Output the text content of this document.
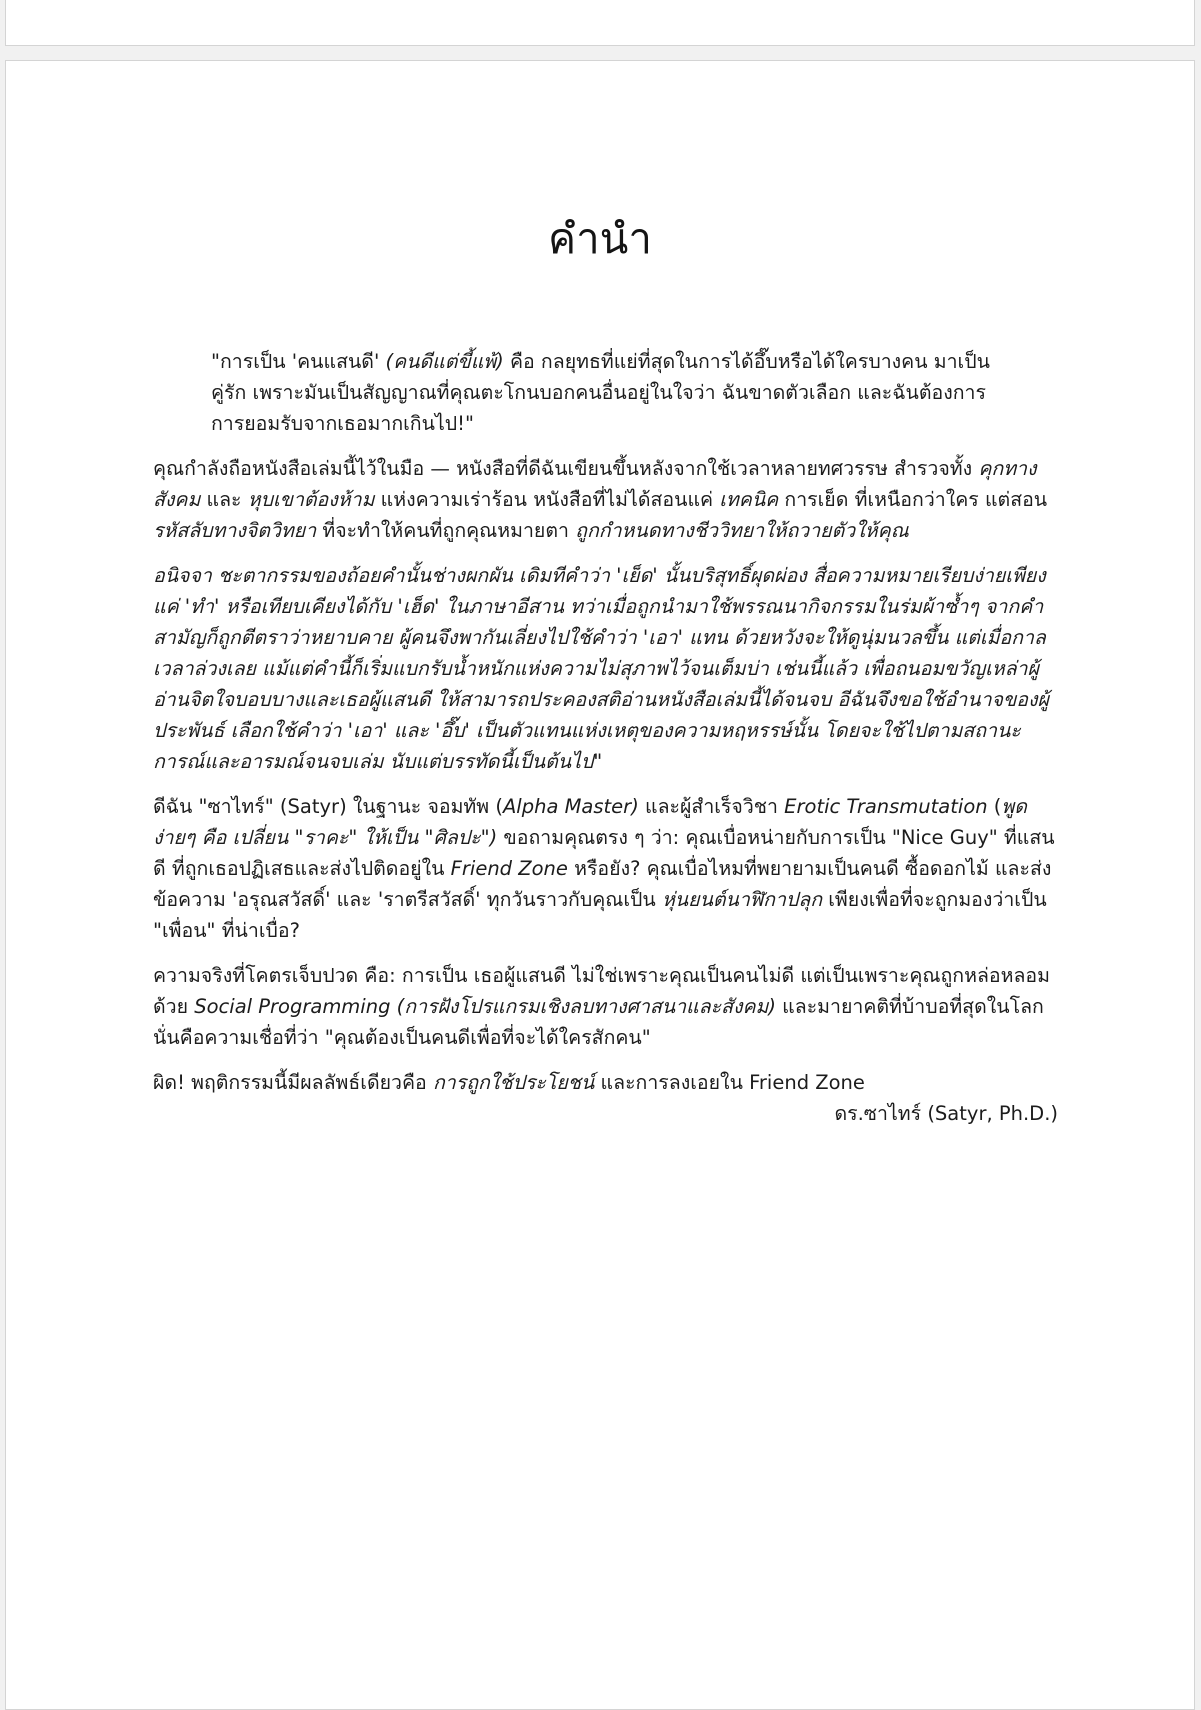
คำนำ

"การเป็น 'คนแสนดี' (คนดีแต่ขี้แพ้) คือ กลยุทธที่แย่ที่สุดในการได้อึ๊บหรือได้ใครบางคน มาเป็นคู่รัก เพราะมันเป็นสัญญาณที่คุณตะโกนบอกคนอื่นอยู่ในใจว่า ฉันขาดตัวเลือก และฉันต้องการการยอมรับจากเธอมากเกินไป!"

คุณกำลังถือหนังสือเล่มนี้ไว้ในมือ — หนังสือที่ดีฉันเขียนขึ้นหลังจากใช้เวลาหลายทศวรรษ สำรวจทั้ง คุกทางสังคม และ หุบเขาต้องห้าม แห่งความเร่าร้อน หนังสือที่ไม่ได้สอนแค่ เทคนิค การเย็ด ที่เหนือกว่าใคร แต่สอน รหัสลับทางจิตวิทยา ที่จะทำให้คนที่ถูกคุณหมายตา ถูกกำหนดทางชีววิทยาให้ถวายตัวให้คุณ

อนิจจา ชะตากรรมของถ้อยคำนั้นช่างผกผัน เดิมทีคำว่า 'เย็ด' นั้นบริสุทธิ์ผุดผ่อง สื่อความหมายเรียบง่ายเพียงแค่ 'ทำ' หรือเทียบเคียงได้กับ 'เฮ็ด' ในภาษาอีสาน ทว่าเมื่อถูกนำมาใช้พรรณนากิจกรรมในร่มผ้าซ้ำๆ จากคำสามัญก็ถูกตีตราว่าหยาบคาย ผู้คนจึงพากันเลี่ยงไปใช้คำว่า 'เอา' แทน ด้วยหวังจะให้ดูนุ่มนวลขึ้น แต่เมื่อกาลเวลาล่วงเลย แม้แต่คำนี้ก็เริ่มแบกรับน้ำหนักแห่งความไม่สุภาพไว้จนเต็มบ่า เช่นนี้แล้ว เพื่อถนอมขวัญเหล่าผู้อ่านจิตใจบอบบางและเธอผู้แสนดี ให้สามารถประคองสติอ่านหนังสือเล่มนี้ได้จนจบ อีฉันจึงขอใช้อำนาจของผู้ประพันธ์ เลือกใช้คำว่า 'เอา' และ 'อึ๊บ' เป็นตัวแทนแห่งเหตุของความหฤหรรษ์นั้น โดยจะใช้ไปตามสถานะการณ์และอารมณ์จนจบเล่ม นับแต่บรรทัดนี้เป็นต้นไป"

ดีฉัน "ซาไทร์" (Satyr) ในฐานะ จอมทัพ (Alpha Master) และผู้สำเร็จวิชา Erotic Transmutation (พูดง่ายๆ คือ เปลี่ยน "ราคะ" ให้เป็น "ศิลปะ") ขอถามคุณตรง ๆ ว่า: คุณเบื่อหน่ายกับการเป็น "Nice Guy" ที่แสนดี ที่ถูกเธอปฏิเสธและส่งไปติดอยู่ใน Friend Zone หรือยัง? คุณเบื่อไหมที่พยายามเป็นคนดี ซื้อดอกไม้ และส่งข้อความ 'อรุณสวัสดิ์' และ 'ราตรีสวัสดิ์' ทุกวันราวกับคุณเป็น หุ่นยนต์นาฬิกาปลุก เพียงเพื่อที่จะถูกมองว่าเป็น "เพื่อน" ที่น่าเบื่อ?

ความจริงที่โคตรเจ็บปวด คือ: การเป็น เธอผู้แสนดี ไม่ใช่เพราะคุณเป็นคนไม่ดี แต่เป็นเพราะคุณถูกหล่อหลอมด้วย Social Programming (การฝังโปรแกรมเชิงลบทางศาสนาและสังคม) และมายาคติที่บ้าบอที่สุดในโลก นั่นคือความเชื่อที่ว่า "คุณต้องเป็นคนดีเพื่อที่จะได้ใครสักคน"

ผิด! พฤติกรรมนี้มีผลลัพธ์เดียวคือ การถูกใช้ประโยชน์ และการลงเอยใน Friend Zone

ดร.ซาไทร์ (Satyr, Ph.D.)
